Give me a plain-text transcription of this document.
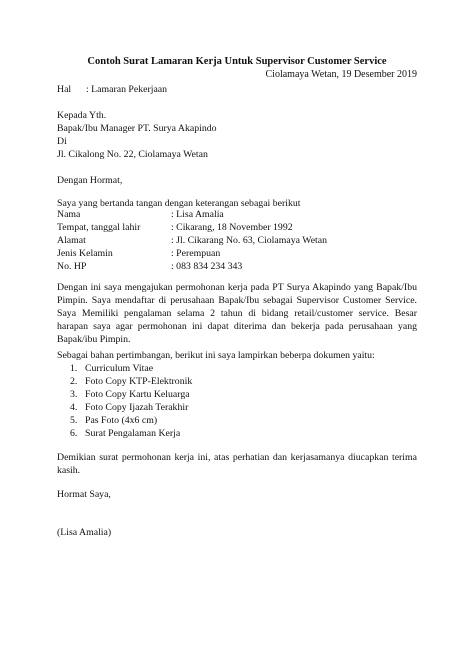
Contoh Surat Lamaran Kerja Untuk Supervisor Customer Service
Ciolamaya Wetan, 19 Desember 2019
Hal : Lamaran Pekerjaan
Kepada Yth.
Bapak/Ibu Manager PT. Surya Akapindo
Di
Jl. Cikalong No. 22, Ciolamaya Wetan
Dengan Hormat,
Saya yang bertanda tangan dengan keterangan sebagai berikut
Nama	: Lisa Amalia
Tempat, tanggal lahir	: Cikarang, 18 November 1992
Alamat	: Jl. Cikarang No. 63, Ciolamaya Wetan
Jenis Kelamin	: Perempuan
No. HP	: 083 834 234 343
Dengan ini saya mengajukan permohonan kerja pada PT Surya Akapindo yang Bapak/Ibu Pimpin. Saya mendaftar di perusahaan Bapak/Ibu sebagai Supervisor Customer Service. Saya Memiliki pengalaman selama 2 tahun di bidang retail/customer service. Besar harapan saya agar permohonan ini dapat diterima dan bekerja pada perusahaan yang Bapak/ibu Pimpin.
Sebagai bahan pertimbangan, berikut ini saya lampirkan beberpa dokumen yaitu:
1. Curriculum Vitae
2. Foto Copy KTP-Elektronik
3. Foto Copy Kartu Keluarga
4. Foto Copy Ijazah Terakhir
5. Pas Foto (4x6 cm)
6. Surat Pengalaman Kerja
Demikian surat permohonan kerja ini, atas perhatian dan kerjasamanya diucapkan terima kasih.
Hormat Saya,
(Lisa Amalia)
